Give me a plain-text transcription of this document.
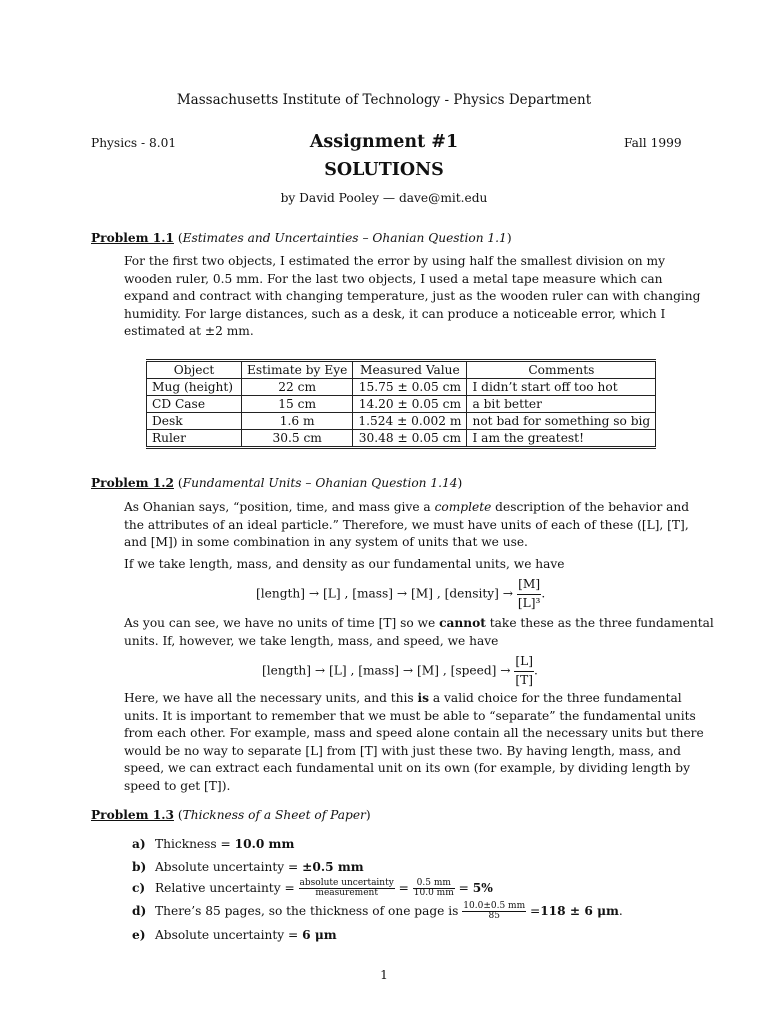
Massachusetts Institute of Technology - Physics Department
Physics - 8.01	Assignment #1	Fall 1999
SOLUTIONS
by David Pooley — dave@mit.edu
Problem 1.1 (Estimates and Uncertainties – Ohanian Question 1.1)
For the first two objects, I estimated the error by using half the smallest division on my
wooden ruler, 0.5 mm. For the last two objects, I used a metal tape measure which can
expand and contract with changing temperature, just as the wooden ruler can with changing
humidity. For large distances, such as a desk, it can produce a noticeable error, which I
estimated at ±2 mm.
Object	Estimate by Eye	Measured Value	Comments
Mug (height)	22 cm	15.75 ± 0.05 cm	I didn’t start off too hot
CD Case	15 cm	14.20 ± 0.05 cm	a bit better
Desk	1.6 m	1.524 ± 0.002 m	not bad for something so big
Ruler	30.5 cm	30.48 ± 0.05 cm	I am the greatest!
Problem 1.2 (Fundamental Units – Ohanian Question 1.14)
As Ohanian says, “position, time, and mass give a complete description of the behavior and
the attributes of an ideal particle.” Therefore, we must have units of each of these ([L], [T],
and [M]) in some combination in any system of units that we use.
If we take length, mass, and density as our fundamental units, we have
[length] → [L] , [mass] → [M] , [density] → $\frac{[M]}{\text{[L]³}}$ .
As you can see, we have no units of time [T] so we cannot take these as the three fundamental
units. If, however, we take length, mass, and speed, we have
[length] → [L] , [mass] → [M] , [speed] → $\frac{[L]}{[T]}$ .
Here, we have all the necessary units, and this is a valid choice for the three fundamental
units. It is important to remember that we must be able to “separate” the fundamental units
from each other. For example, mass and speed alone contain all the necessary units but there
would be no way to separate [L] from [T] with just these two. By having length, mass, and
speed, we can extract each fundamental unit on its own (for example, by dividing length by
speed to get [T]).
Problem 1.3 (Thickness of a Sheet of Paper)
a) Thickness = 10.0 mm
b) Absolute uncertainty = ±0.5 mm
c) Relative uncertainty = $\frac{\text{absolute uncertainty}}{\text{measurement}} = \frac{0.5 mm}{10.0 mm} = 5\%$
d) There’s 85 pages, so the thickness of one page is $\frac{10.0\pm 0.5 mm}{85} =118 \pm 6$ μm.
e) Absolute uncertainty = 6 μm
1
